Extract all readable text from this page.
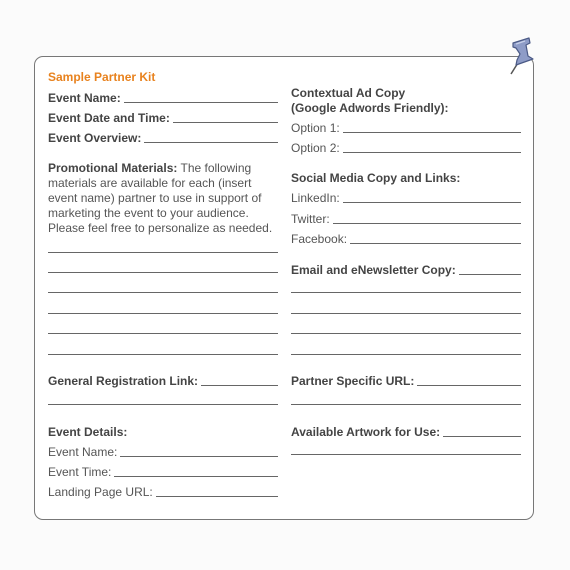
Sample Partner Kit
Event Name:
Event Date and Time:
Event Overview:
Promotional Materials: The following materials are available for each (insert event name) partner to use in support of marketing the event to your audience. Please feel free to personalize as needed.
General Registration Link:
Event Details:
Event Name:
Event Time:
Landing Page URL:
Contextual Ad Copy
(Google Adwords Friendly):
Option 1:
Option 2:
Social Media Copy and Links:
LinkedIn:
Twitter:
Facebook:
Email and eNewsletter Copy:
Partner Specific URL:
Available Artwork for Use:
